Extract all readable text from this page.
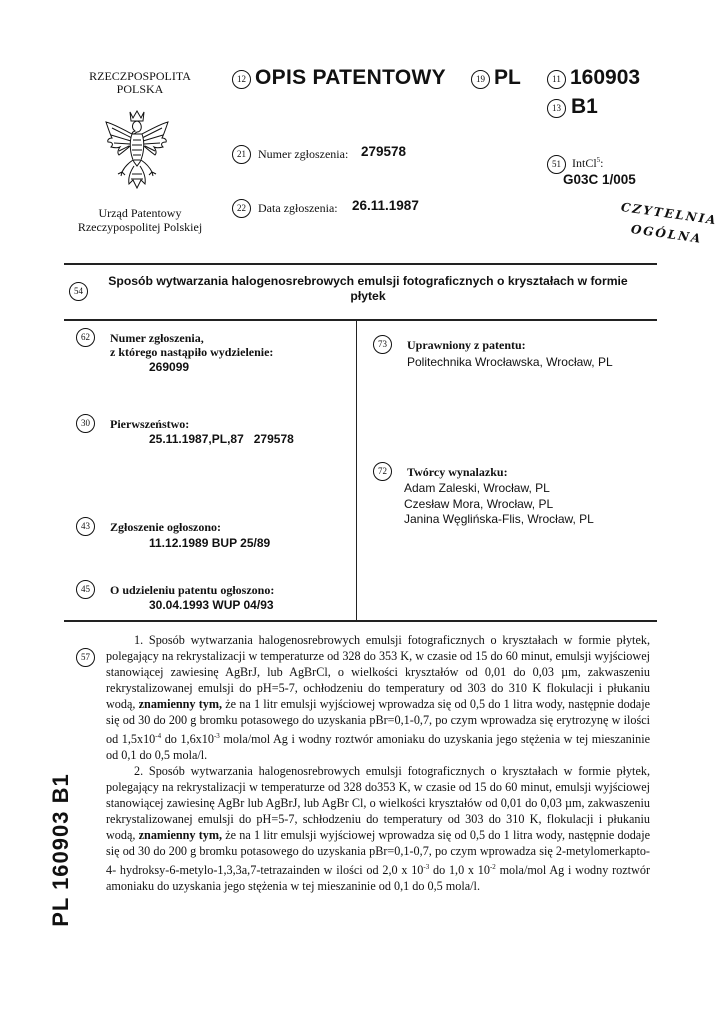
RZECZPOSPOLITA
POLSKA
Urząd Patentowy
Rzeczypospolitej Polskiej
12 OPIS PATENTOWY	19 PL	11 160903
13 B1
21	Numer zgłoszenia: 279578
51 IntCl$^5$:
G03C 1/005
22	Data zgłoszenia: 26.11.1987	CZYTELNIA
OGÓLNA
54
Sposób wytwarzania halogenosrebrowych emulsji fotograficznych o kryształach w formie
płytek
62	Numer zgłoszenia,
z którego nastąpiło wydzielenie:
269099
30	Pierwszeństwo:
25.11.1987,PL,87   279578
43	Zgłoszenie ogłoszono:
11.12.1989 BUP 25/89
45	O udzieleniu patentu ogłoszono:
30.04.1993 WUP 04/93
73	Uprawniony z patentu:
Politechnika Wrocławska, Wrocław, PL
72	Twórcy wynalazku:
Adam Zaleski, Wrocław, PL
Czesław Mora, Wrocław, PL
Janina Węglińska-Flis, Wrocław, PL
57

1. Sposób wytwarzania halogenosrebrowych emulsji fotograficznych o kryształach w formie płytek, polegający na rekrystalizacji w temperaturze od 328 do 353 K, w czasie od 15 do 60 minut, emulsji wyjściowej stanowiącej zawiesinę AgBrJ, lub AgBrCl, o wielkości kryształów od 0,01 do 0,03 µm, zakwaszeniu rekrystalizowanej emulsji do pH=5-7, ochłodzeniu do temperatury od 303 do 310 K flokulacji i płukaniu wodą, znamienny tym, że na 1 litr emulsji wyjściowej wprowadza się od 0,5 do 1 litra wody, następnie dodaje się od 30 do 200 g bromku potasowego do uzyskania pBr=0,1-0,7, po czym wprowadza się erytrozynę w ilości od $1,5x10^{-4}$ do $1,6x10^{-3}$ mola/mol Ag i wodny roztwór amoniaku do uzyskania jego stężenia w tej mieszaninie od 0,1 do 0,5 mola/l.

2. Sposób wytwarzania halogenosrebrowych emulsji fotograficznych o kryształach w formie płytek, polegający na rekrystalizacji w temperaturze od 328 do353 K, w czasie od 15 do 60 minut, emulsji wyjściowej stanowiącej zawiesinę AgBr lub AgBrJ, lub AgBr Cl, o wielkości kryształów od 0,01 do 0,03 µm, zakwaszeniu rekrystalizowanej emulsji do pH=5-7, schłodzeniu do temperatury od 303 do 310 K, flokulacji i płukaniu wodą, znamienny tym, że na 1 litr emulsji wyjściowej wprowadza się od 0,5 do 1 litra wody, następnie dodaje się od 30 do 200 g bromku potasowego do uzyskania pBr=0,1-0,7, po czym wprowadza się 2-metylomerkapto-4- hydroksy-6-metylo-1,3,3a,7-tetrazainden w ilości od 2,0 x $10^{-3}$ do 1,0 x $10^{-2}$ mola/mol Ag i wodny roztwór amoniaku do uzyskania jego stężenia w tej mieszaninie od 0,1 do 0,5 mola/l.

PL 160903 B1
